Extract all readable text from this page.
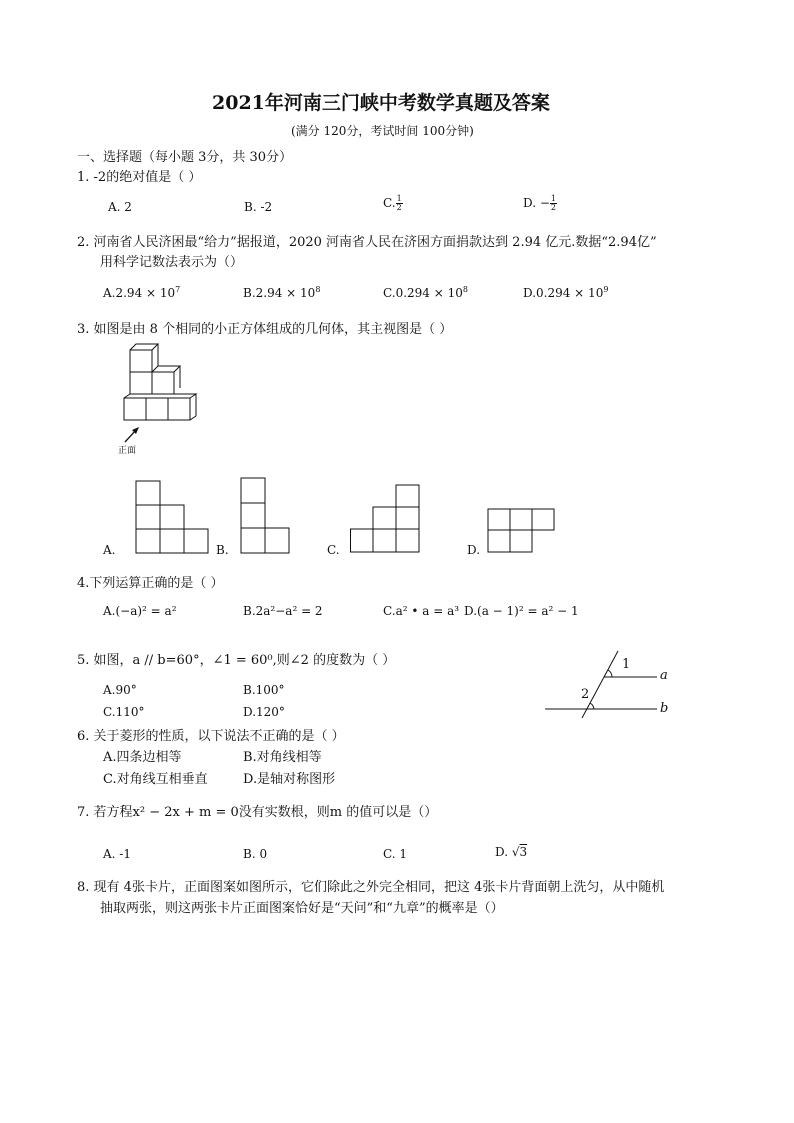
2021年河南三门峡中考数学真题及答案
(满分 120分，考试时间 100分钟)
一、选择题（每小题 3分，共 30分）
1. -2的绝对值是（ ）
A. 2	B. -2	C. $\frac{1}{2}$	D. − $\frac{1}{2}$
2. 河南省人民济困最“给力”据报道，2020 河南省人民在济困方面捐款达到 2.94 亿元.数据“2.94亿”
用科学记数法表示为（）
$A.2.94 \times 10^7$	$B.2.94 \times 10^8$	$C.0.294 \times 10^8$	$D.0.294 \times 10^9$
3. 如图是由 8 个相同的小正方体组成的几何体，其主视图是（ ）
正面
A.	B.	C.	D.
4.下列运算正确的是（ ）
A.(−a)² = a²	B.2a²−a² = 2	C.a² • a = a³ D.(a − 1)² = a² − 1
5. 如图，a // b=60°，∠1 = 60⁰,则∠2 的度数为（ ）
A.90°	B.100°
C.110°	D.120°
1
2
a
b
6. 关于菱形的性质，以下说法不正确的是（ ）
A.四条边相等	B.对角线相等
C.对角线互相垂直	D.是轴对称图形
7. 若方程x² − 2x + m = 0没有实数根，则m 的值可以是（）
A. -1	B. 0	C. 1	D. √3
8. 现有 4张卡片，正面图案如图所示，它们除此之外完全相同，把这 4张卡片背面朝上洗匀，从中随机
抽取两张，则这两张卡片正面图案恰好是“天问”和“九章”的概率是（）
